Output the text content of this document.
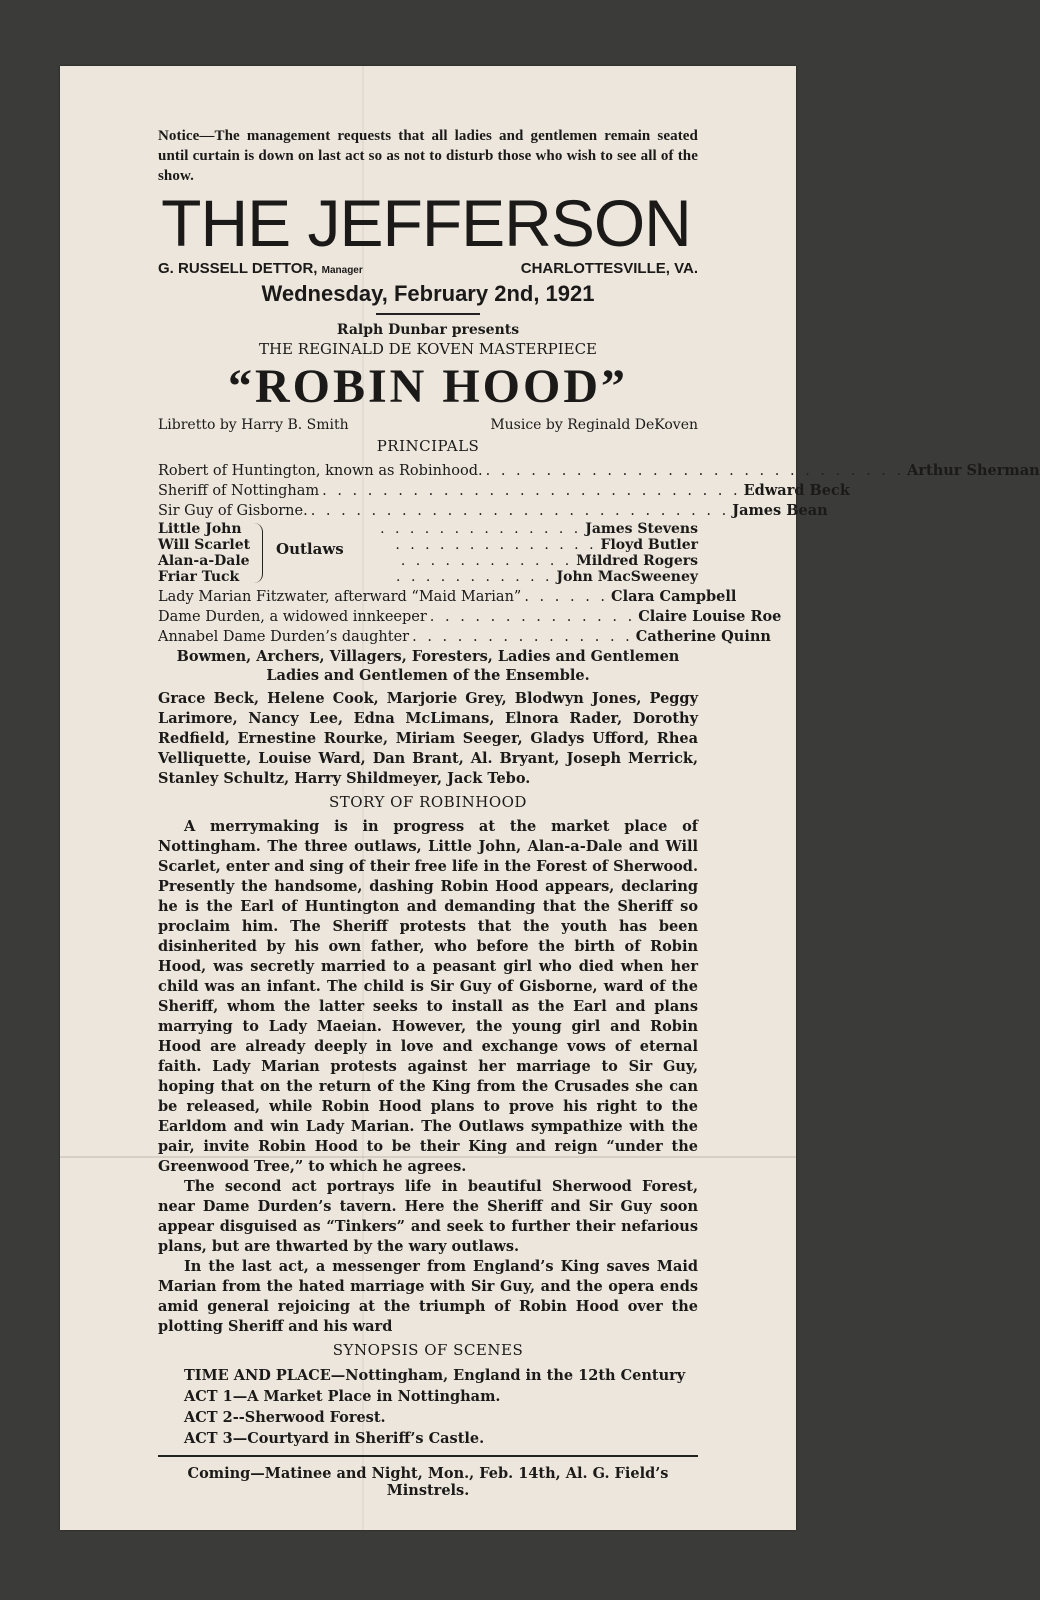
Notice—The management requests that all ladies and gentlemen remain seated until curtain is down on last act so as not to disturb those who wish to see all of the show.

THE JEFFERSON
G. RUSSELL DETTOR, Manager	CHARLOTTESVILLE, VA.
Wednesday, February 2nd, 1921
Ralph Dunbar presents
THE REGINALD DE KOVEN MASTERPIECE
“ROBIN HOOD”
Libretto by Harry B. Smith	Musice by Reginald DeKoven
PRINCIPALS
Robert of Huntington, known as Robinhood. . . . . . . . . . . . . . . . . . . . . . . . . . . . . Arthur Sherman
Sheriff of Nottingham . . . . . . . . . . . . . . . . . . . . . . . . . . . . Edward Beck
Sir Guy of Gisborne. . . . . . . . . . . . . . . . . . . . . . . . . . . . . James Bean
Little John
Will Scarlet
Alan-a-Dale
Friar Tuck
Outlaws
. . . . . . . . . . . . . . James Stevens
. . . . . . . . . . . . . . Floyd Butler
. . . . . . . . . . . . Mildred Rogers
. . . . . . . . . . . John MacSweeney
Lady Marian Fitzwater, afterward “Maid Marian” . . . . . . Clara Campbell
Dame Durden, a widowed innkeeper . . . . . . . . . . . . . . Claire Louise Roe
Annabel Dame Durden’s daughter . . . . . . . . . . . . . . . Catherine Quinn
Bowmen, Archers, Villagers, Foresters, Ladies and Gentlemen
Ladies and Gentlemen of the Ensemble.

Grace Beck, Helene Cook, Marjorie Grey, Blodwyn Jones, Peggy Larimore, Nancy Lee, Edna McLimans, Elnora Rader, Dorothy Redfield, Ernestine Rourke, Miriam Seeger, Gladys Ufford, Rhea Velliquette, Louise Ward, Dan Brant, Al. Bryant, Joseph Merrick, Stanley Schultz, Harry Shildmeyer, Jack Tebo.

STORY OF ROBINHOOD

A merrymaking is in progress at the market place of Nottingham. The three outlaws, Little John, Alan-a-Dale and Will Scarlet, enter and sing of their free life in the Forest of Sherwood. Presently the handsome, dashing Robin Hood appears, declaring he is the Earl of Huntington and demanding that the Sheriff so proclaim him. The Sheriff protests that the youth has been disinherited by his own father, who before the birth of Robin Hood, was secretly married to a peasant girl who died when her child was an infant. The child is Sir Guy of Gisborne, ward of the Sheriff, whom the latter seeks to install as the Earl and plans marrying to Lady Maeian. However, the young girl and Robin Hood are already deeply in love and exchange vows of eternal faith. Lady Marian protests against her marriage to Sir Guy, hoping that on the return of the King from the Crusades she can be released, while Robin Hood plans to prove his right to the Earldom and win Lady Marian. The Outlaws sympathize with the pair, invite Robin Hood to be their King and reign “under the Greenwood Tree,” to which he agrees.

The second act portrays life in beautiful Sherwood Forest, near Dame Durden’s tavern. Here the Sheriff and Sir Guy soon appear disguised as “Tinkers” and seek to further their nefarious plans, but are thwarted by the wary outlaws.

In the last act, a messenger from England’s King saves Maid Marian from the hated marriage with Sir Guy, and the opera ends amid general rejoicing at the triumph of Robin Hood over the plotting Sheriff and his ward

SYNOPSIS OF SCENES
TIME AND PLACE—Nottingham, England in the 12th Century
ACT 1—A Market Place in Nottingham.
ACT 2--Sherwood Forest.
ACT 3—Courtyard in Sheriff’s Castle.
Coming—Matinee and Night, Mon., Feb. 14th, Al. G. Field’s Minstrels.
